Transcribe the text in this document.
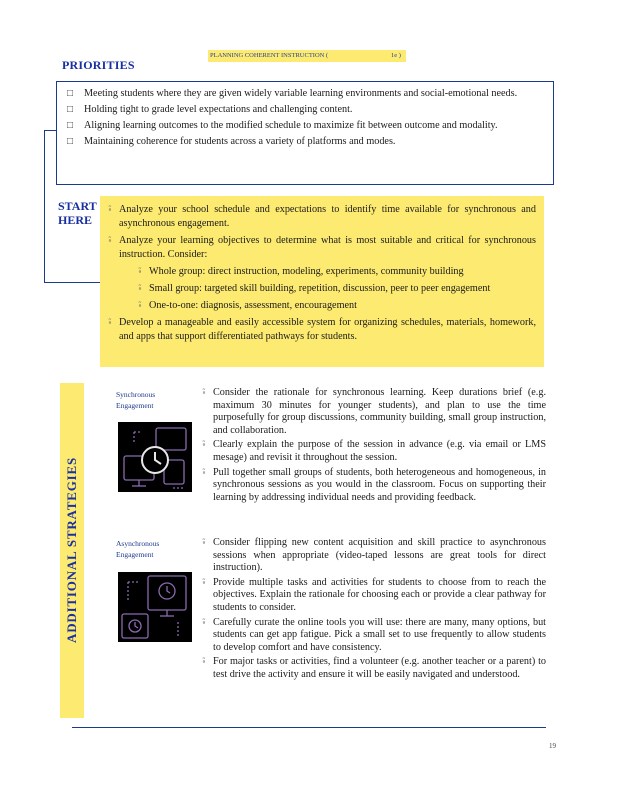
PLANNING COHERENT INSTRUCTION (	1e )
PRIORITIES
□ Meeting students where they are given widely variable learning environments and social-emotional needs.
□ Holding tight to grade level expectations and challenging content.
□ Aligning learning outcomes to the modified schedule to maximize fit between outcome and modality.
□ Maintaining coherence for students across a variety of platforms and modes.
START
HERE
∘̃ Analyze your school schedule and expectations to identify time available for synchronous and asynchronous engagement.
∘̃ Analyze your learning objectives to determine what is most suitable and critical for synchronous instruction. Consider:
∘̃ Whole group: direct instruction, modeling, experiments, community building
∘̃ Small group: targeted skill building, repetition, discussion, peer to peer engagement
∘̃ One-to-one: diagnosis, assessment, encouragement
∘̃ Develop a manageable and easily accessible system for organizing schedules, materials, homework, and apps that support differentiated pathways for students.
ADDITIONAL STRATEGIES
Synchronous
Engagement
∘̃ Consider the rationale for synchronous learning. Keep durations brief (e.g. maximum 30 minutes for younger students), and plan to use the time purposefully for group discussions, community building, small group instruction, and collaboration.
∘̃ Clearly explain the purpose of the session in advance (e.g. via email or LMS mesage) and revisit it throughout the session.
∘̃ Pull together small groups of students, both heterogeneous and homogeneous, in synchronous sessions as you would in the classroom. Focus on supporting their learning by addressing individual needs and providing feedback.
Asynchronous
Engagement
∘̃ Consider flipping new content acquisition and skill practice to asynchronous sessions when appropriate (video-taped lessons are great tools for direct instruction).
∘̃ Provide multiple tasks and activities for students to choose from to reach the objectives. Explain the rationale for choosing each or provide a clear pathway for students to consider.
∘̃ Carefully curate the online tools you will use: there are many, many options, but students can get app fatigue. Pick a small set to use frequently to allow students to develop comfort and have consistency.
∘̃ For major tasks or activities, find a volunteer (e.g. another teacher or a parent) to test drive the activity and ensure it will be easily navigated and understood.
19
